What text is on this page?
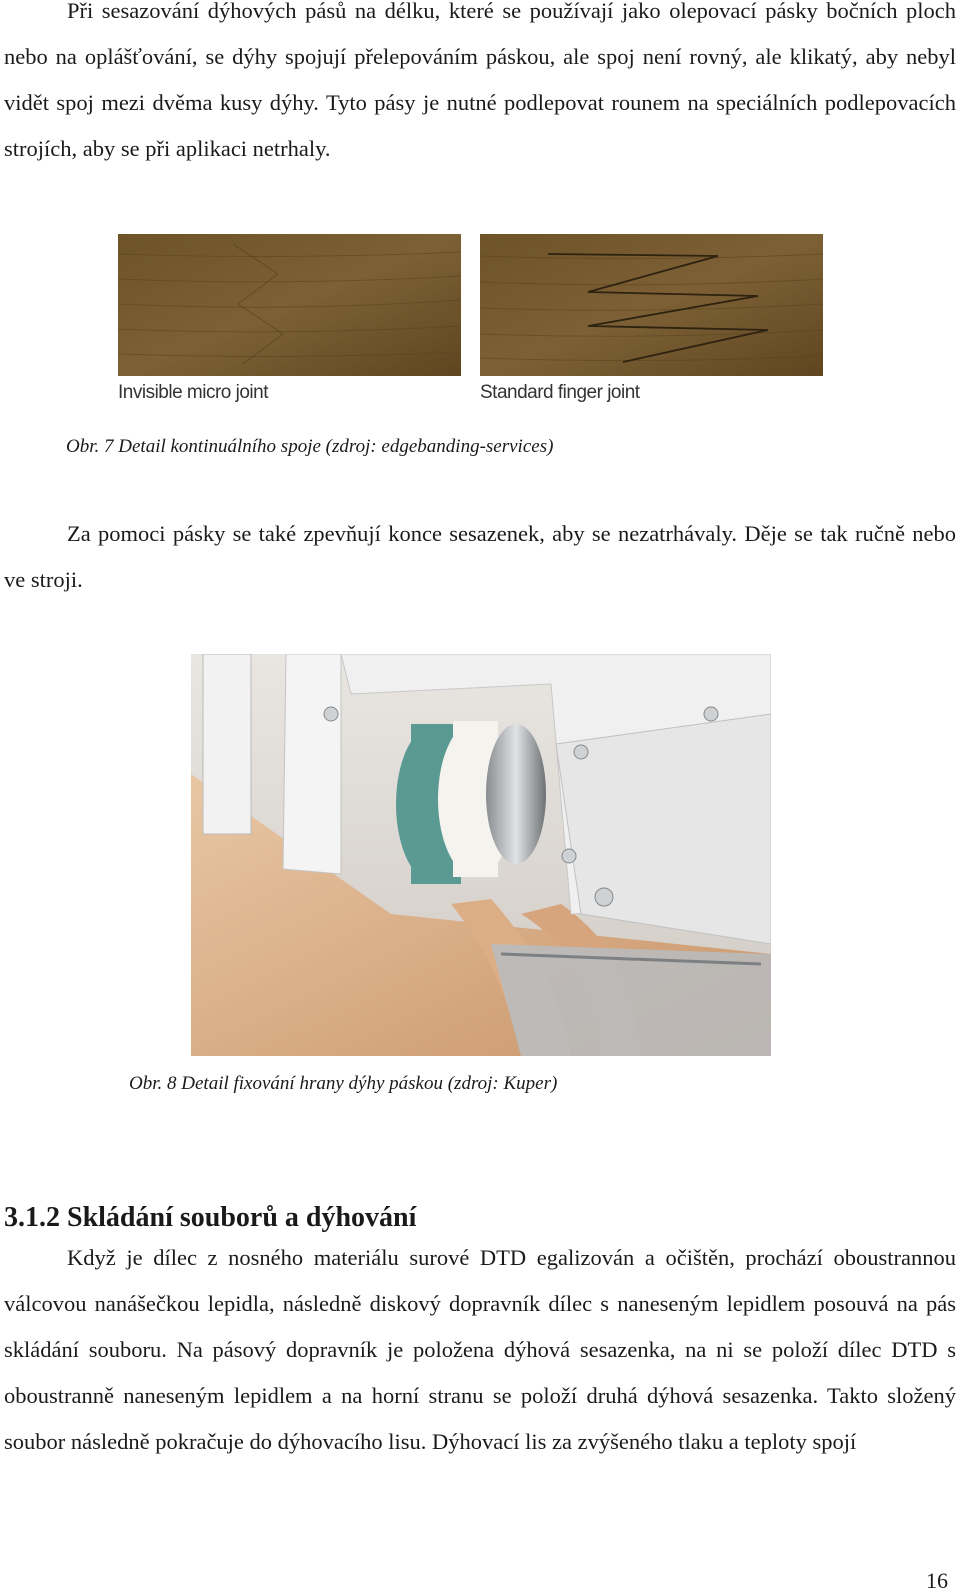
Při sesazování dýhových pásů na délku, které se používají jako olepovací pásky bočních ploch nebo na oplášťování, se dýhy spojují přelepováním páskou, ale spoj není rovný, ale klikatý, aby nebyl vidět spoj mezi dvěma kusy dýhy. Tyto pásy je nutné podlepovat rounem na speciálních podlepovacích strojích, aby se při aplikaci netrhaly.

Invisible micro joint	Standard finger joint

Obr. 7 Detail kontinuálního spoje (zdroj: edgebanding-services)

Za pomoci pásky se také zpevňují konce sesazenek, aby se nezatrhávaly. Děje se tak ručně nebo ve stroji.

Obr. 8 Detail fixování hrany dýhy páskou (zdroj: Kuper)

3.1.2 Skládání souborů a dýhování

Když je dílec z nosného materiálu surové DTD egalizován a očištěn, prochází oboustrannou válcovou nanášečkou lepidla, následně diskový dopravník dílec s naneseným lepidlem posouvá na pás skládání souboru. Na pásový dopravník je položena dýhová sesazenka, na ni se položí dílec DTD s oboustranně naneseným lepidlem a na horní stranu se položí druhá dýhová sesazenka. Takto složený soubor následně pokračuje do dýhovacího lisu. Dýhovací lis za zvýšeného tlaku a teploty spojí

16
